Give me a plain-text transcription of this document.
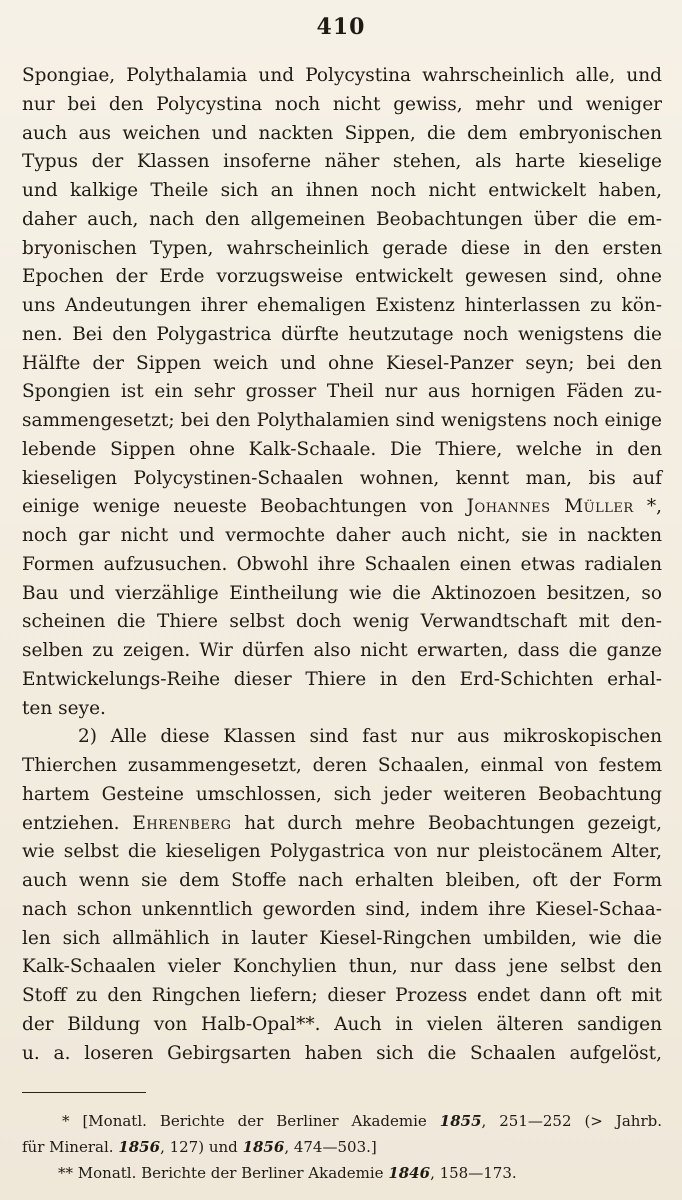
410
Spongiae, Polythalamia und Polycystina wahrscheinlich alle, und
nur bei den Polycystina noch nicht gewiss, mehr und weniger
auch aus weichen und nackten Sippen, die dem embryonischen
Typus der Klassen insoferne näher stehen, als harte kieselige
und kalkige Theile sich an ihnen noch nicht entwickelt haben,
daher auch, nach den allgemeinen Beobachtungen über die em-
bryonischen Typen, wahrscheinlich gerade diese in den ersten
Epochen der Erde vorzugsweise entwickelt gewesen sind, ohne
uns Andeutungen ihrer ehemaligen Existenz hinterlassen zu kön-
nen. Bei den Polygastrica dürfte heutzutage noch wenigstens die
Hälfte der Sippen weich und ohne Kiesel-Panzer seyn; bei den
Spongien ist ein sehr grosser Theil nur aus hornigen Fäden zu-
sammengesetzt; bei den Polythalamien sind wenigstens noch einige
lebende Sippen ohne Kalk-Schaale. Die Thiere, welche in den
kieseligen Polycystinen-Schaalen wohnen, kennt man, bis auf
einige wenige neueste Beobachtungen von Johannes Müller *,
noch gar nicht und vermochte daher auch nicht, sie in nackten
Formen aufzusuchen. Obwohl ihre Schaalen einen etwas radialen
Bau und vierzählige Eintheilung wie die Aktinozoen besitzen, so
scheinen die Thiere selbst doch wenig Verwandtschaft mit den-
selben zu zeigen. Wir dürfen also nicht erwarten, dass die ganze
Entwickelungs-Reihe dieser Thiere in den Erd-Schichten erhal-
ten seye.
2) Alle diese Klassen sind fast nur aus mikroskopischen
Thierchen zusammengesetzt, deren Schaalen, einmal von festem
hartem Gesteine umschlossen, sich jeder weiteren Beobachtung
entziehen. Ehrenberg hat durch mehre Beobachtungen gezeigt,
wie selbst die kieseligen Polygastrica von nur pleistocänem Alter,
auch wenn sie dem Stoffe nach erhalten bleiben, oft der Form
nach schon unkenntlich geworden sind, indem ihre Kiesel-Schaa-
len sich allmählich in lauter Kiesel-Ringchen umbilden, wie die
Kalk-Schaalen vieler Konchylien thun, nur dass jene selbst den
Stoff zu den Ringchen liefern; dieser Prozess endet dann oft mit
der Bildung von Halb-Opal**. Auch in vielen älteren sandigen
u. a. loseren Gebirgsarten haben sich die Schaalen aufgelöst,
* [Monatl. Berichte der Berliner Akademie 1855, 251—252 (> Jahrb.
für Mineral. 1856, 127) und 1856, 474—503.]
** Monatl. Berichte der Berliner Akademie 1846, 158—173.
